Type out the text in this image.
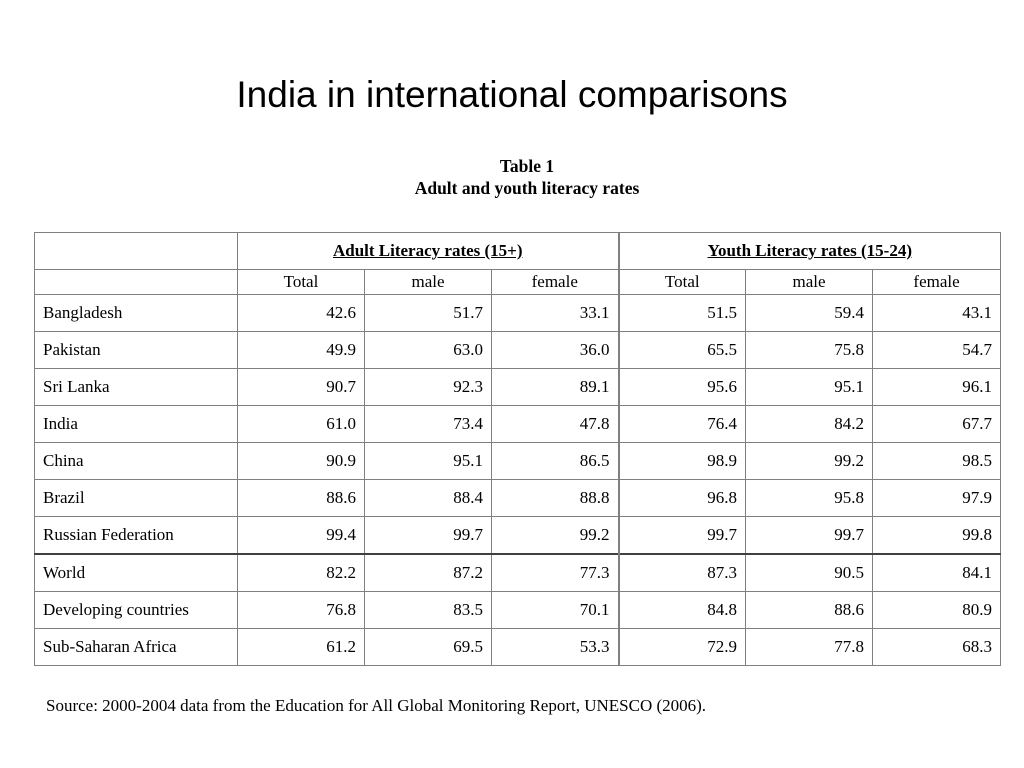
India in international comparisons
Table 1
Adult and youth literacy rates
	Adult Literacy rates (15+)			Youth Literacy rates (15-24)		
	Total	male	female	Total	male	female
Bangladesh	42.6	51.7	33.1	51.5	59.4	43.1
Pakistan	49.9	63.0	36.0	65.5	75.8	54.7
Sri Lanka	90.7	92.3	89.1	95.6	95.1	96.1
India	61.0	73.4	47.8	76.4	84.2	67.7
China	90.9	95.1	86.5	98.9	99.2	98.5
Brazil	88.6	88.4	88.8	96.8	95.8	97.9
Russian Federation	99.4	99.7	99.2	99.7	99.7	99.8
World	82.2	87.2	77.3	87.3	90.5	84.1
Developing countries	76.8	83.5	70.1	84.8	88.6	80.9
Sub-Saharan Africa	61.2	69.5	53.3	72.9	77.8	68.3
Source: 2000-2004 data from the Education for All Global Monitoring Report, UNESCO (2006).
